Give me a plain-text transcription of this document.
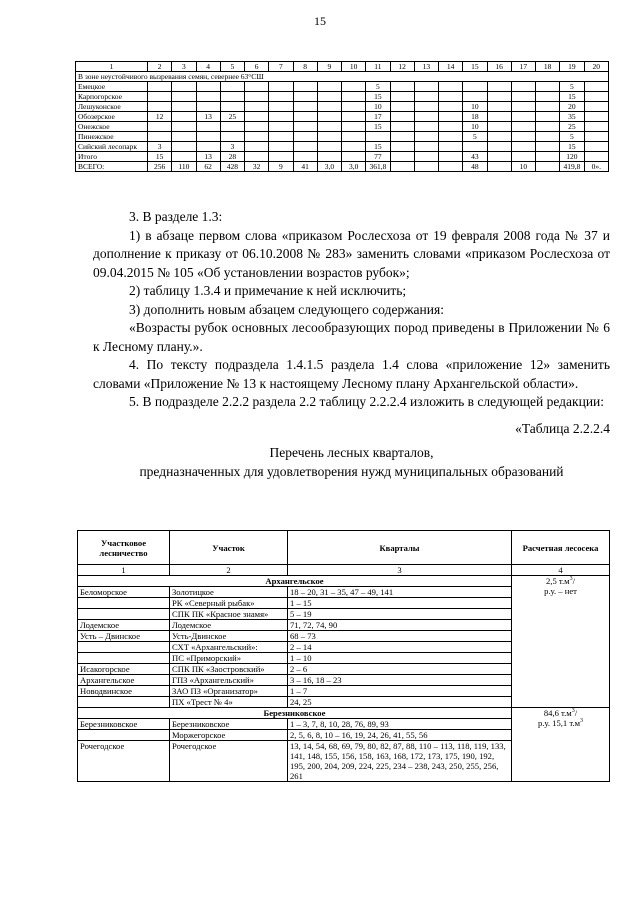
15
1	2	3	4	5	6	7	8	9	10	11	12	13	14	15	16	17	18	19	20
В зоне неустойчивого вызревания семян, севернее 63°СШ																			
Емецкое										5								5	
Карпогорское										15								15	
Лешуконское										10				10				20	
Обозерское	12		13	25						17				18				35	
Онежское										15				10				25	
Пинежское														5				5	
Сийский лесопарк	3			3						15								15	
Итого	15		13	28						77				43				120	
ВСЕГО:	256	110	62	428	32	9	41	3,0	3,0	361,8				48		10		419,8	0».

3. В разделе 1.3:

1) в абзаце первом слова «приказом Рослесхоза от 19 февраля 2008 года № 37 и дополнение к приказу от 06.10.2008 № 283» заменить словами «приказом Рослесхоза от 09.04.2015 № 105 «Об установлении возрастов рубок»;

2) таблицу 1.3.4 и примечание к ней исключить;

3) дополнить новым абзацем следующего содержания:

«Возрасты рубок основных лесообразующих пород приведены в Приложении № 6 к Лесному плану.».

4. По тексту подраздела 1.4.1.5 раздела 1.4 слова «приложение 12» заменить словами «Приложение № 13 к настоящему Лесному плану Архангельской области».

5. В подразделе 2.2.2 раздела 2.2 таблицу 2.2.2.4 изложить в следующей редакции:

«Таблица 2.2.2.4
Перечень лесных кварталов,
предназначенных для удовлетворения нужд муниципальных образований
Участковое лесничество	Участок	Кварталы	Расчетная лесосека
1	2	3	4
Архангельское			2,5 $т.м^3/$
р.у. – нет

Беломорское	Золотицкое	18 – 20, 31 – 35, 47 – 49, 141	
	РК «Северный рыбак»	1 – 15	
	СПК ПК «Красное знамя»	5 – 19	
Лодемское	Лодемское	71, 72, 74, 90	
Усть – Двинское	Усть-Двинское	68 – 73	
	СХТ «Архангельский»:	2 – 14	
	ПС «Приморский»	1 – 10	
Исакогорское	СПК ПК «Заостровский»	2 – 6	
Архангельское	ГПЗ «Архангельский»	3 – 16, 18 – 23	
Новодвинское	ЗАО ПЗ «Организатор»	1 – 7	
	ПХ «Трест № 4»	24, 25	
Березниковское			84,6 $т.м^3/$
р.у. 15,1 $т.м^3$

Березниковское	Березниковское	1 – 3, 7, 8, 10, 28, 76, 89, 93	
	Моржегорское	2, 5, 6, 8, 10 – 16, 19, 24, 26, 41, 55, 56	
Рочегодское	Рочегодское	13, 14, 54, 68, 69, 79, 80, 82, 87, 88, 110 – 113, 118, 119, 133, 141, 148, 155, 156, 158, 163, 168, 172, 173, 175, 190, 192, 195, 200, 204, 209, 224, 225, 234 – 238, 243, 250, 255, 256, 261	
